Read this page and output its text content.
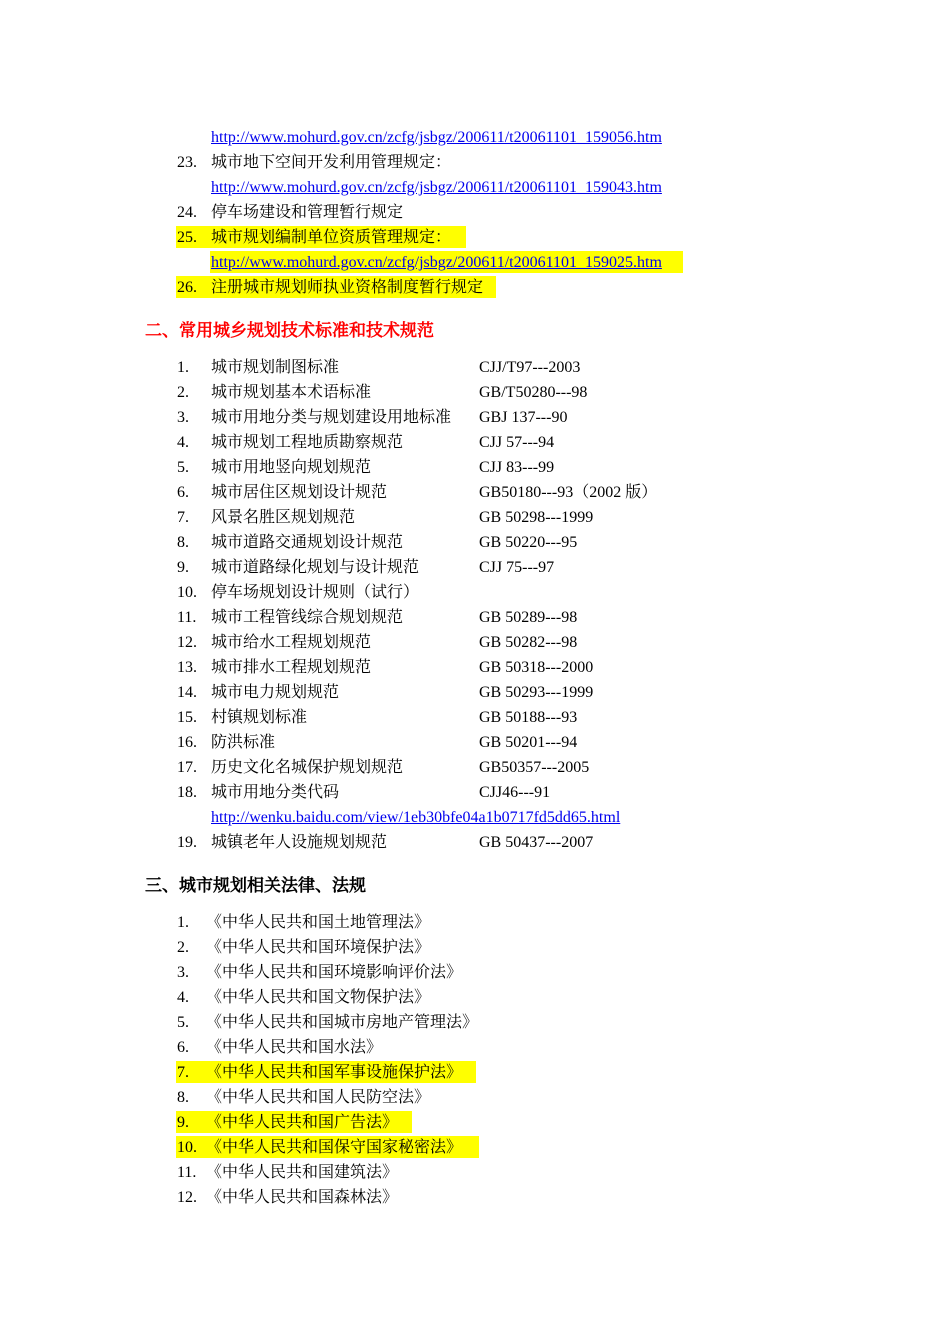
http://www.mohurd.gov.cn/zcfg/jsbgz/200611/t20061101_159056.htm
23. 城市地下空间开发利用管理规定：
http://www.mohurd.gov.cn/zcfg/jsbgz/200611/t20061101_159043.htm
24. 停车场建设和管理暂行规定
25. 城市规划编制单位资质管理规定：
http://www.mohurd.gov.cn/zcfg/jsbgz/200611/t20061101_159025.htm
26. 注册城市规划师执业资格制度暂行规定
二、常用城乡规划技术标准和技术规范
1. 城市规划制图标准	CJJ/T97---2003
2. 城市规划基本术语标准	GB/T50280---98
3. 城市用地分类与规划建设用地标准 GBJ 137---90
4. 城市规划工程地质勘察规范	CJJ 57---94
5. 城市用地竖向规划规范	CJJ 83---99
6. 城市居住区规划设计规范	GB50180---93（2002 版）
7. 风景名胜区规划规范	GB 50298---1999
8. 城市道路交通规划设计规范	GB 50220---95
9. 城市道路绿化规划与设计规范	CJJ 75---97
10. 停车场规划设计规则（试行）
11. 城市工程管线综合规划规范	GB 50289---98
12. 城市给水工程规划规范	GB 50282---98
13. 城市排水工程规划规范	GB 50318---2000
14. 城市电力规划规范	GB 50293---1999
15. 村镇规划标准	GB 50188---93
16. 防洪标准	GB 50201---94
17. 历史文化名城保护规划规范	GB50357---2005
18. 城市用地分类代码	CJJ46---91
19. 城镇老年人设施规划规范	GB 50437---2007
http://wenku.baidu.com/view/1eb30bfe04a1b0717fd5dd65.html
三、城市规划相关法律、法规
1. 《中华人民共和国土地管理法》
2. 《中华人民共和国环境保护法》
3. 《中华人民共和国环境影响评价法》
4. 《中华人民共和国文物保护法》
5. 《中华人民共和国城市房地产管理法》
6. 《中华人民共和国水法》
7. 《中华人民共和国军事设施保护法》
8. 《中华人民共和国人民防空法》
9. 《中华人民共和国广告法》
10. 《中华人民共和国保守国家秘密法》
11. 《中华人民共和国建筑法》
12. 《中华人民共和国森林法》
